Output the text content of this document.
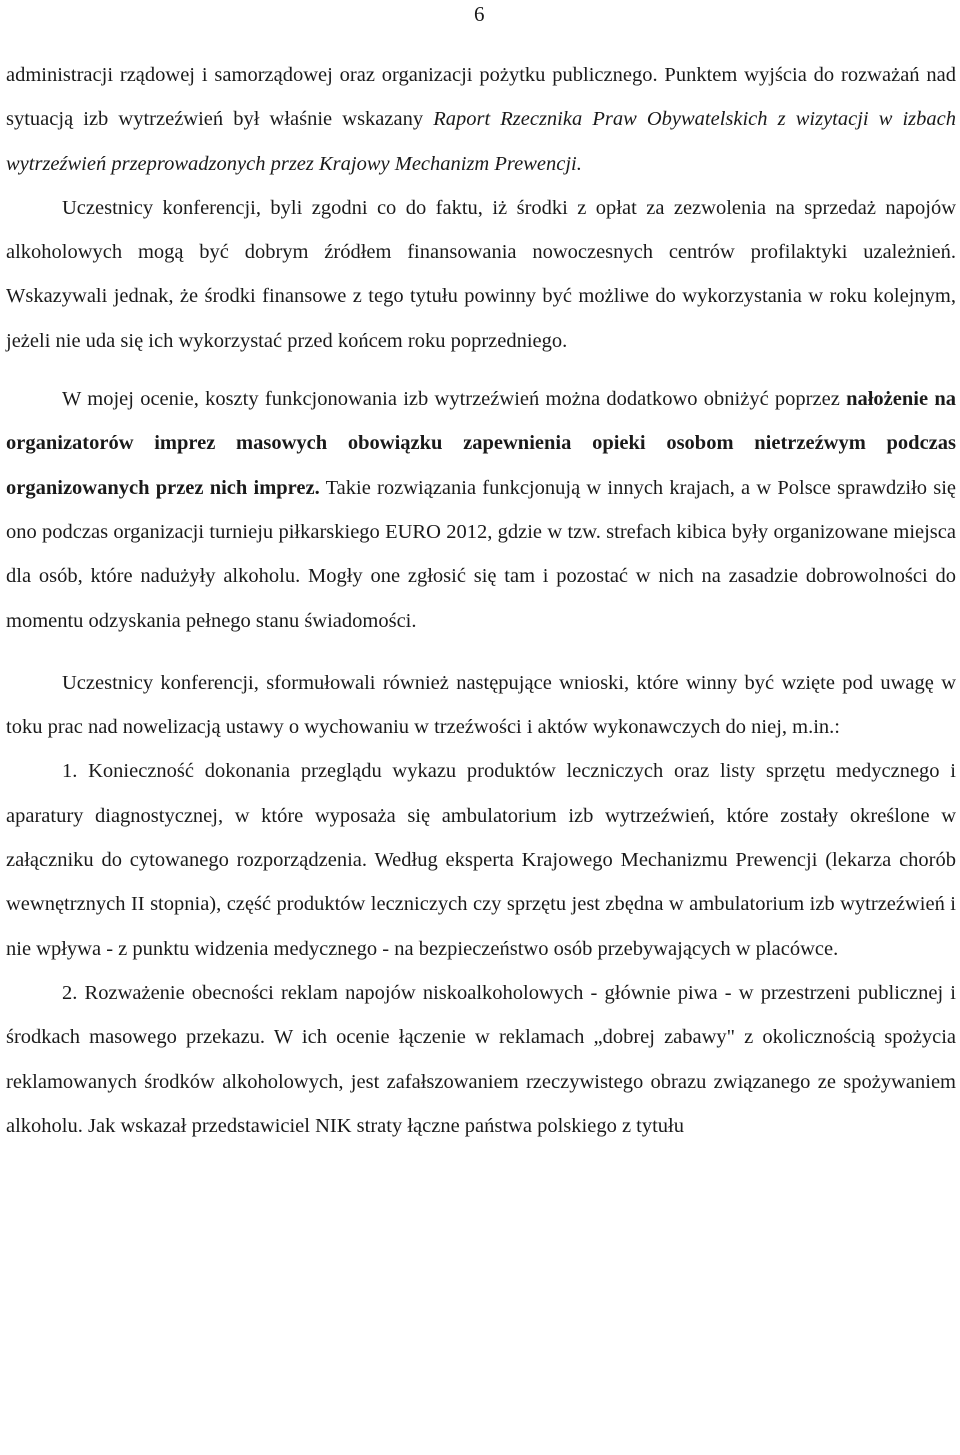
6

administracji rządowej i samorządowej oraz organizacji pożytku publicznego. Punktem wyjścia do rozważań nad sytuacją izb wytrzeźwień był właśnie wskazany Raport Rzecznika Praw Obywatelskich z wizytacji w izbach wytrzeźwień przeprowadzonych przez Krajowy Mechanizm Prewencji.

Uczestnicy konferencji, byli zgodni co do faktu, iż środki z opłat za zezwolenia na sprzedaż napojów alkoholowych mogą być dobrym źródłem finansowania nowoczesnych centrów profilaktyki uzależnień. Wskazywali jednak, że środki finansowe z tego tytułu powinny być możliwe do wykorzystania w roku kolejnym, jeżeli nie uda się ich wykorzystać przed końcem roku poprzedniego.

W mojej ocenie, koszty funkcjonowania izb wytrzeźwień można dodatkowo obniżyć poprzez nałożenie na organizatorów imprez masowych obowiązku zapewnienia opieki osobom nietrzeźwym podczas organizowanych przez nich imprez. Takie rozwiązania funkcjonują w innych krajach, a w Polsce sprawdziło się ono podczas organizacji turnieju piłkarskiego EURO 2012, gdzie w tzw. strefach kibica były organizowane miejsca dla osób, które nadużyły alkoholu. Mogły one zgłosić się tam i pozostać w nich na zasadzie dobrowolności do momentu odzyskania pełnego stanu świadomości.

Uczestnicy konferencji, sformułowali również następujące wnioski, które winny być wzięte pod uwagę w toku prac nad nowelizacją ustawy o wychowaniu w trzeźwości i aktów wykonawczych do niej, m.in.:

1. Konieczność dokonania przeglądu wykazu produktów leczniczych oraz listy sprzętu medycznego i aparatury diagnostycznej, w które wyposaża się ambulatorium izb wytrzeźwień, które zostały określone w załączniku do cytowanego rozporządzenia. Według eksperta Krajowego Mechanizmu Prewencji (lekarza chorób wewnętrznych II stopnia), część produktów leczniczych czy sprzętu jest zbędna w ambulatorium izb wytrzeźwień i nie wpływa - z punktu widzenia medycznego - na bezpieczeństwo osób przebywających w placówce.

2. Rozważenie obecności reklam napojów niskoalkoholowych - głównie piwa - w przestrzeni publicznej i środkach masowego przekazu. W ich ocenie łączenie w reklamach „dobrej zabawy" z okolicznością spożycia reklamowanych środków alkoholowych, jest zafałszowaniem rzeczywistego obrazu związanego ze spożywaniem alkoholu. Jak wskazał przedstawiciel NIK straty łączne państwa polskiego z tytułu
